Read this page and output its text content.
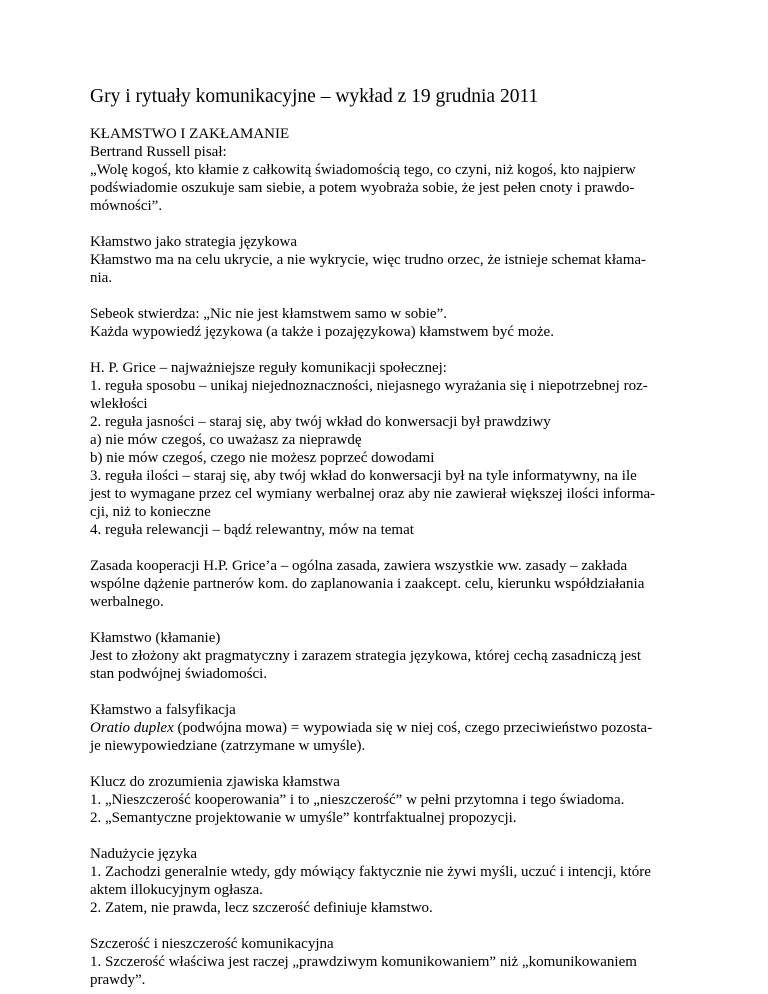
Gry i rytuały komunikacyjne – wykład z 19 grudnia 2011
KŁAMSTWO I ZAKŁAMANIE
Bertrand Russell pisał:
„Wolę kogoś, kto kłamie z całkowitą świadomością tego, co czyni, niż kogoś, kto najpierw
podświadomie oszukuje sam siebie, a potem wyobraża sobie, że jest pełen cnoty i prawdo-
mówności”.
Kłamstwo jako strategia językowa
Kłamstwo ma na celu ukrycie, a nie wykrycie, więc trudno orzec, że istnieje schemat kłama-
nia.
Sebeok stwierdza: „Nic nie jest kłamstwem samo w sobie”.
Każda wypowiedź językowa (a także i pozajęzykowa) kłamstwem być może.
H. P. Grice – najważniejsze reguły komunikacji społecznej:
1. reguła sposobu – unikaj niejednoznaczności, niejasnego wyrażania się i niepotrzebnej roz-
wlekłości
2. reguła jasności – staraj się, aby twój wkład do konwersacji był prawdziwy
a) nie mów czegoś, co uważasz za nieprawdę
b) nie mów czegoś, czego nie możesz poprzeć dowodami
3. reguła ilości – staraj się, aby twój wkład do konwersacji był na tyle informatywny, na ile
jest to wymagane przez cel wymiany werbalnej oraz aby nie zawierał większej ilości informa-
cji, niż to konieczne
4. reguła relewancji – bądź relewantny, mów na temat
Zasada kooperacji H.P. Grice’a – ogólna zasada, zawiera wszystkie ww. zasady – zakłada
wspólne dążenie partnerów kom. do zaplanowania i zaakcept. celu, kierunku współdziałania
werbalnego.
Kłamstwo (kłamanie)
Jest to złożony akt pragmatyczny i zarazem strategia językowa, której cechą zasadniczą jest
stan podwójnej świadomości.
Kłamstwo a falsyfikacja
Oratio duplex (podwójna mowa) = wypowiada się w niej coś, czego przeciwieństwo pozosta-
je niewypowiedziane (zatrzymane w umyśle).
Klucz do zrozumienia zjawiska kłamstwa
1. „Nieszczerość kooperowania” i to „nieszczerość” w pełni przytomna i tego świadoma.
2. „Semantyczne projektowanie w umyśle” kontrfaktualnej propozycji.
Nadużycie języka
1. Zachodzi generalnie wtedy, gdy mówiący faktycznie nie żywi myśli, uczuć i intencji, które
aktem illokucyjnym ogłasza.
2. Zatem, nie prawda, lecz szczerość definiuje kłamstwo.
Szczerość i nieszczerość komunikacyjna
1. Szczerość właściwa jest raczej „prawdziwym komunikowaniem” niż „komunikowaniem
prawdy”.
